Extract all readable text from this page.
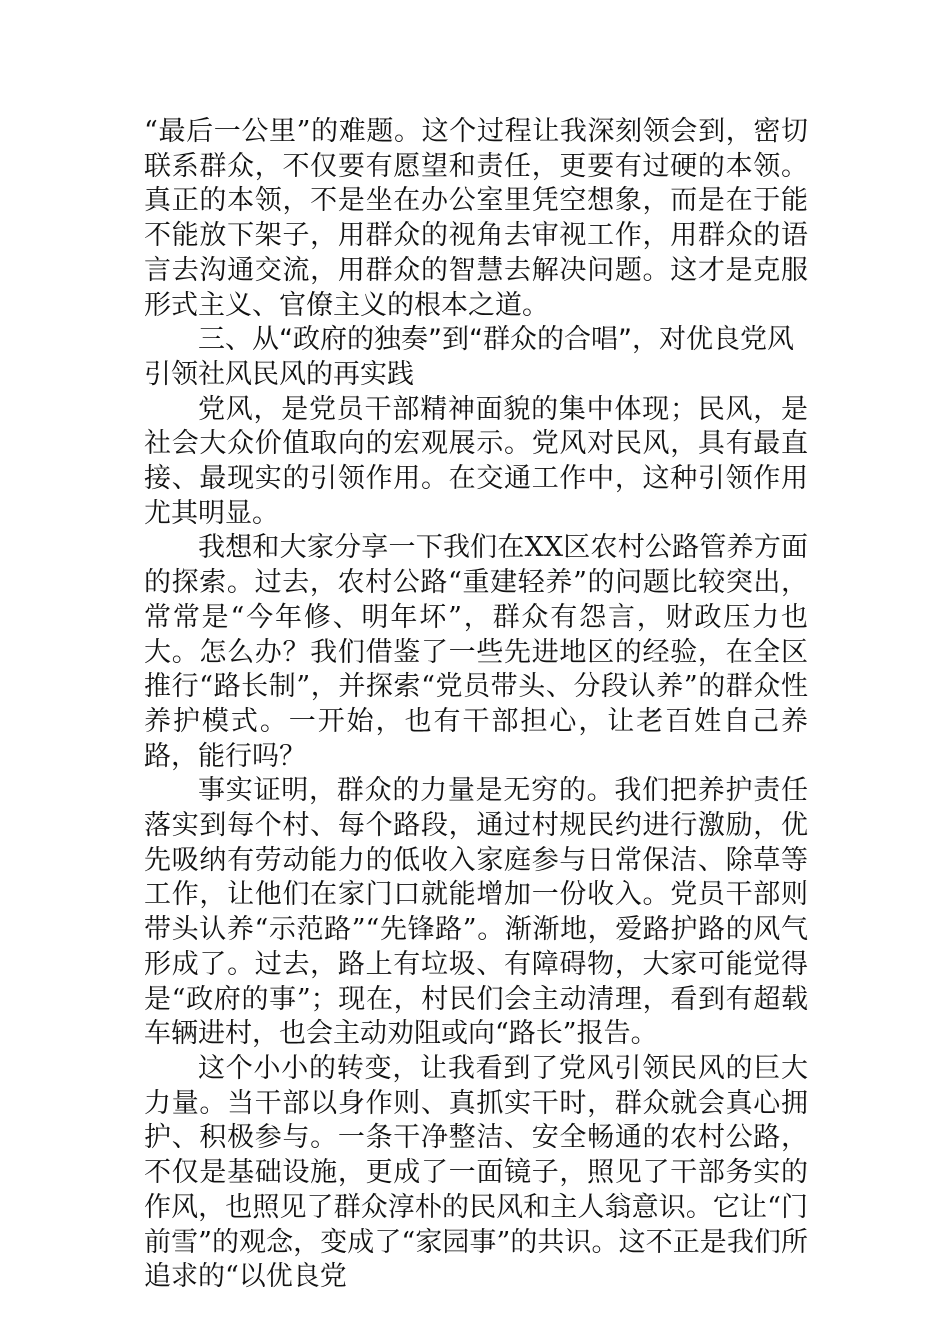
“最后一公里”的难题。这个过程让我深刻领会到，密切联系群众，不仅要有愿望和责任，更要有过硬的本领。真正的本领，不是坐在办公室里凭空想象，而是在于能不能放下架子，用群众的视角去审视工作，用群众的语言去沟通交流，用群众的智慧去解决问题。这才是克服形式主义、官僚主义的根本之道。

三、从“政府的独奏”到“群众的合唱”，对优良党风引领社风民风的再实践

党风，是党员干部精神面貌的集中体现；民风，是社会大众价值取向的宏观展示。党风对民风，具有最直接、最现实的引领作用。在交通工作中，这种引领作用尤其明显。

我想和大家分享一下我们在XX区农村公路管养方面的探索。过去，农村公路“重建轻养”的问题比较突出，常常是“今年修、明年坏”，群众有怨言，财政压力也大。怎么办？我们借鉴了一些先进地区的经验，在全区推行“路长制”，并探索“党员带头、分段认养”的群众性养护模式。一开始，也有干部担心，让老百姓自己养路，能行吗？

事实证明，群众的力量是无穷的。我们把养护责任落实到每个村、每个路段，通过村规民约进行激励，优先吸纳有劳动能力的低收入家庭参与日常保洁、除草等工作，让他们在家门口就能增加一份收入。党员干部则带头认养“示范路”“先锋路”。渐渐地，爱路护路的风气形成了。过去，路上有垃圾、有障碍物，大家可能觉得是“政府的事”；现在，村民们会主动清理，看到有超载车辆进村，也会主动劝阻或向“路长”报告。

这个小小的转变，让我看到了党风引领民风的巨大力量。当干部以身作则、真抓实干时，群众就会真心拥护、积极参与。一条干净整洁、安全畅通的农村公路，不仅是基础设施，更成了一面镜子，照见了干部务实的作风，也照见了群众淳朴的民风和主人翁意识。它让“门前雪”的观念，变成了“家园事”的共识。这不正是我们所追求的“以优良党
